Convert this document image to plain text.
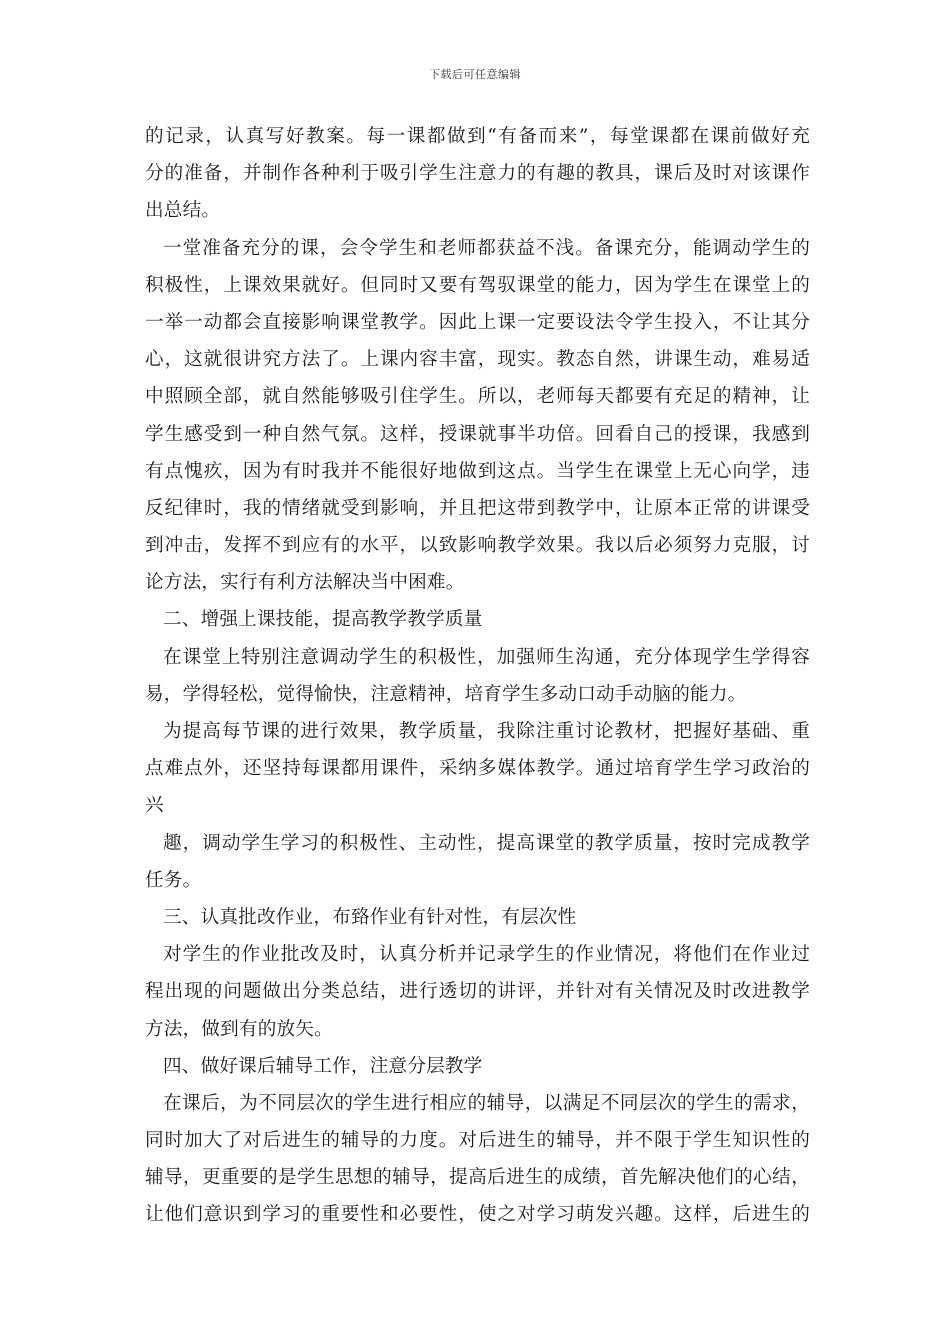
下载后可任意编辑
的记录，认真写好教案。每一课都做到“有备而来”，每堂课都在课前做好充
分的准备，并制作各种利于吸引学生注意力的有趣的教具，课后及时对该课作
出总结。
一堂准备充分的课，会令学生和老师都获益不浅。备课充分，能调动学生的
积极性，上课效果就好。但同时又要有驾驭课堂的能力，因为学生在课堂上的
一举一动都会直接影响课堂教学。因此上课一定要设法令学生投入，不让其分
心，这就很讲究方法了。上课内容丰富，现实。教态自然，讲课生动，难易适
中照顾全部，就自然能够吸引住学生。所以，老师每天都要有充足的精神，让
学生感受到一种自然气氛。这样，授课就事半功倍。回看自己的授课，我感到
有点愧疚，因为有时我并不能很好地做到这点。当学生在课堂上无心向学，违
反纪律时，我的情绪就受到影响，并且把这带到教学中，让原本正常的讲课受
到冲击，发挥不到应有的水平，以致影响教学效果。我以后必须努力克服，讨
论方法，实行有利方法解决当中困难。
二、增强上课技能，提高教学教学质量
在课堂上特别注意调动学生的积极性，加强师生沟通，充分体现学生学得容
易，学得轻松，觉得愉快，注意精神，培育学生多动口动手动脑的能力。
为提高每节课的进行效果，教学质量，我除注重讨论教材，把握好基础、重
点难点外，还坚持每课都用课件，采纳多媒体教学。通过培育学生学习政治的
兴
趣，调动学生学习的积极性、主动性，提高课堂的教学质量，按时完成教学
任务。
三、认真批改作业，布臵作业有针对性，有层次性
对学生的作业批改及时，认真分析并记录学生的作业情况，将他们在作业过
程出现的问题做出分类总结，进行透切的讲评，并针对有关情况及时改进教学
方法，做到有的放矢。
四、做好课后辅导工作，注意分层教学
在课后，为不同层次的学生进行相应的辅导，以满足不同层次的学生的需求，
同时加大了对后进生的辅导的力度。对后进生的辅导，并不限于学生知识性的
辅导，更重要的是学生思想的辅导，提高后进生的成绩，首先解决他们的心结，
让他们意识到学习的重要性和必要性，使之对学习萌发兴趣。这样，后进生的
